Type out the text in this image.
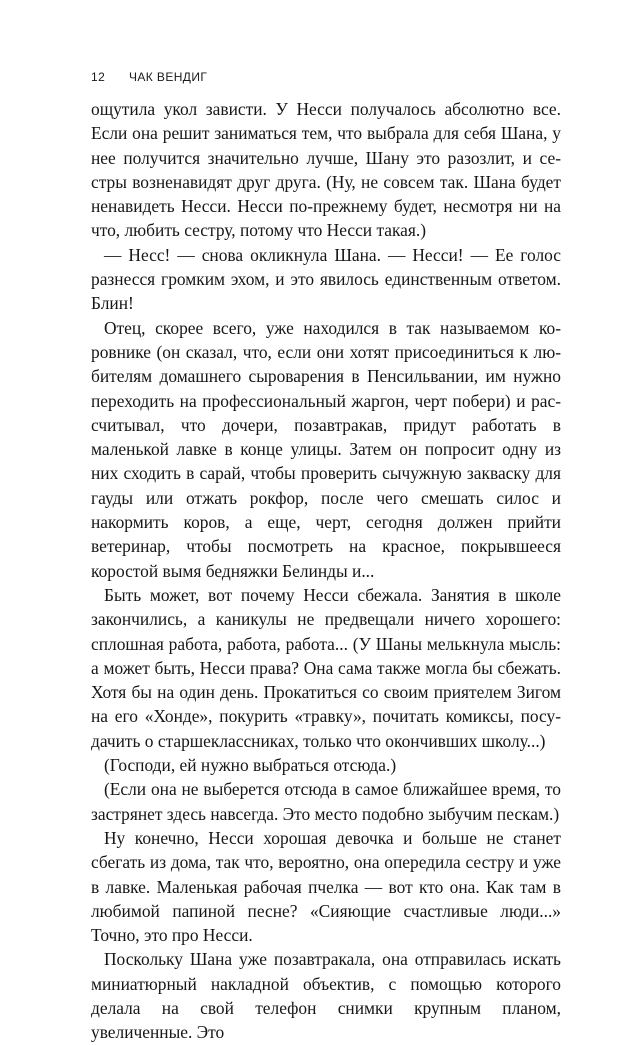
12 ЧАК ВЕНДИГ

ощутила укол зависти. У Несси получалось абсолютно все. Если она решит заниматься тем, что выбрала для себя Шана, у нее получится значительно лучше, Шану это разозлит, и сестры возненавидят друг друга. (Ну, не совсем так. Шана будет ненавидеть Несси. Несси по-прежнему будет, несмотря ни на что, любить сестру, потому что Несси такая.)

— Несс! — снова окликнула Шана. — Несси! — Ее голос разнесся громким эхом, и это явилось единственным ответом. Блин!

Отец, скорее всего, уже находился в так называемом коровнике (он сказал, что, если они хотят присоединиться к любителям домашнего сыроварения в Пенсильвании, им нужно переходить на профессиональный жаргон, черт побери) и рассчитывал, что дочери, позавтракав, придут работать в маленькой лавке в конце улицы. Затем он попросит одну из них сходить в сарай, чтобы проверить сычужную закваску для гауды или отжать рокфор, после чего смешать силос и накормить коров, а еще, черт, сегодня должен прийти ветеринар, чтобы посмотреть на красное, покрывшееся коростой вымя бедняжки Белинды и...

Быть может, вот почему Несси сбежала. Занятия в школе закончились, а каникулы не предвещали ничего хорошего: сплошная работа, работа, работа... (У Шаны мелькнула мысль: а может быть, Несси права? Она сама также могла бы сбежать. Хотя бы на один день. Прокатиться со своим приятелем Зигом на его «Хонде», покурить «травку», почитать комиксы, посудачить о старшеклассниках, только что окончивших школу...)

(Господи, ей нужно выбраться отсюда.)

(Если она не выберется отсюда в самое ближайшее время, то застрянет здесь навсегда. Это место подобно зыбучим пескам.)

Ну конечно, Несси хорошая девочка и больше не станет сбегать из дома, так что, вероятно, она опередила сестру и уже в лавке. Маленькая рабочая пчелка — вот кто она. Как там в любимой папиной песне? «Сияющие счастливые люди...» Точно, это про Несси.

Поскольку Шана уже позавтракала, она отправилась искать миниатюрный накладной объектив, с помощью которого делала на свой телефон снимки крупным планом, увеличенные. Это
